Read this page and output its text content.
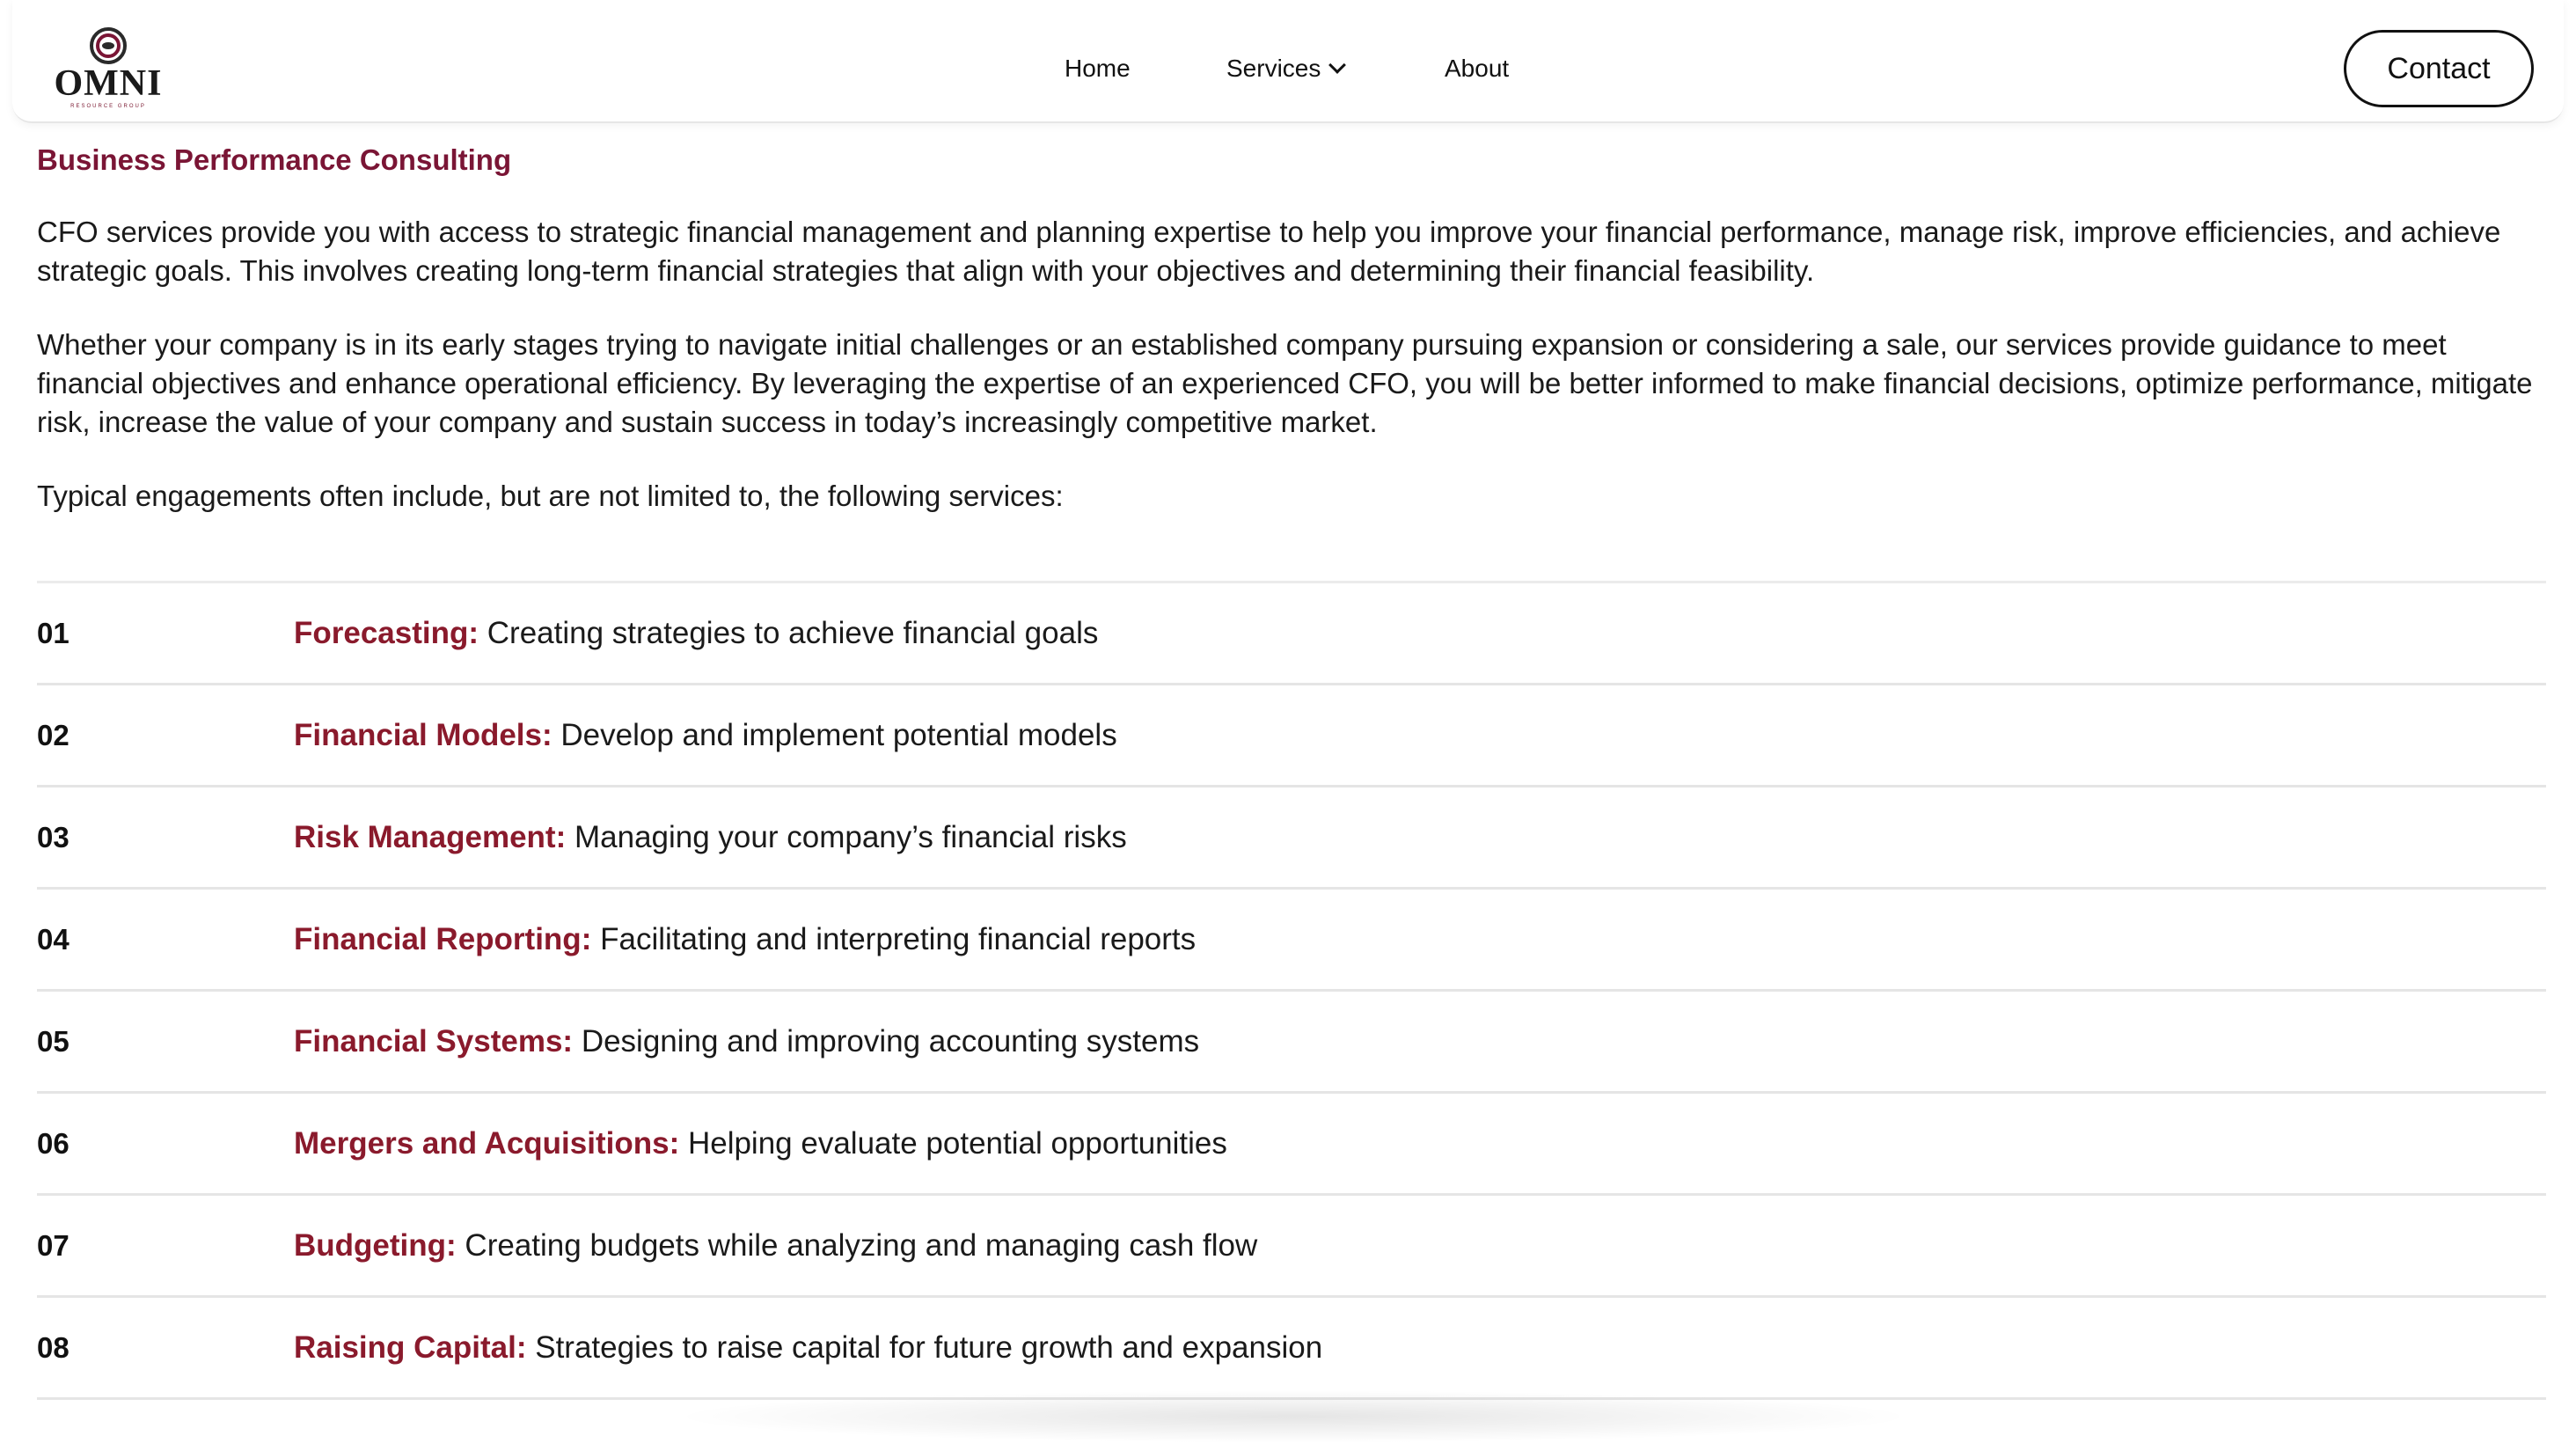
OMNI
RESOURCE GROUP
Home	Services	About	Contact
Business Performance Consulting

CFO services provide you with access to strategic financial management and planning expertise to help you improve your financial performance, manage risk, improve efficiencies, and achieve strategic goals. This involves creating long-term financial strategies that align with your objectives and determining their financial feasibility.

Whether your company is in its early stages trying to navigate initial challenges or an established company pursuing expansion or considering a sale, our services provide guidance to meet financial objectives and enhance operational efficiency. By leveraging the expertise of an experienced CFO, you will be better informed to make financial decisions, optimize performance, mitigate risk, increase the value of your company and sustain success in today’s increasingly competitive market.

Typical engagements often include, but are not limited to, the following services:

01	Forecasting: Creating strategies to achieve financial goals
02	Financial Models: Develop and implement potential models
03	Risk Management: Managing your company’s financial risks
04	Financial Reporting: Facilitating and interpreting financial reports
05	Financial Systems: Designing and improving accounting systems
06	Mergers and Acquisitions: Helping evaluate potential opportunities
07	Budgeting: Creating budgets while analyzing and managing cash flow
08	Raising Capital: Strategies to raise capital for future growth and expansion
